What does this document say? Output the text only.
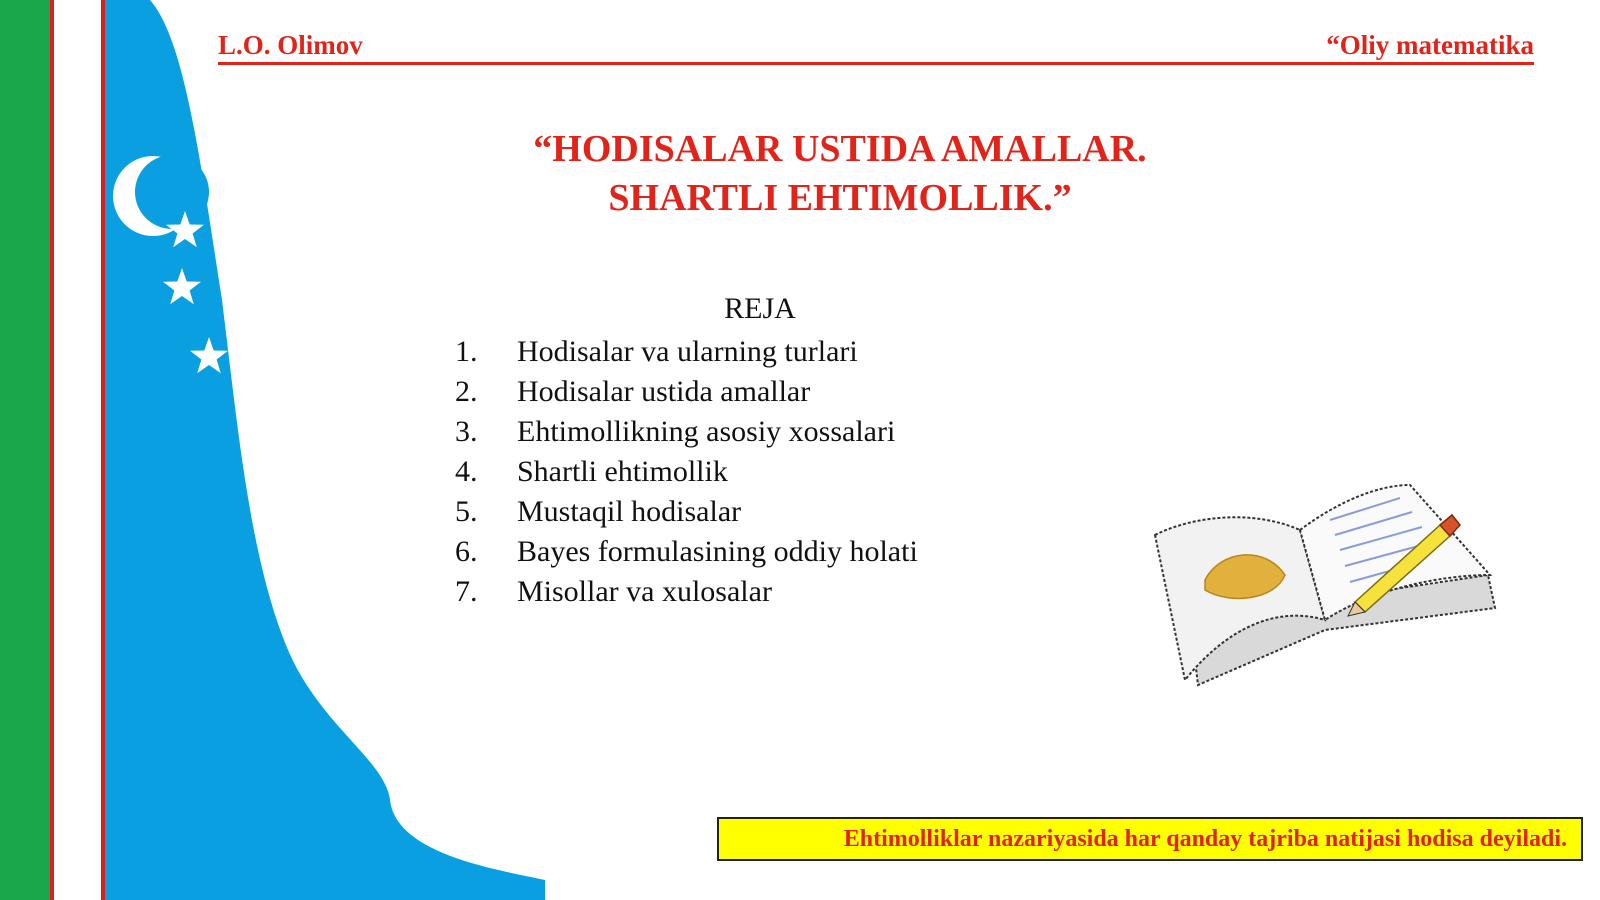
L.O. Olimov	“Oliy matematika
“HODISALAR USTIDA AMALLAR.
SHARTLI EHTIMOLLIK.”
REJA
1. Hodisalar va ularning turlari
2. Hodisalar ustida amallar
3. Ehtimollikning asosiy xossalari
4. Shartli ehtimollik
5. Mustaqil hodisalar
6. Bayes formulasining oddiy holati
7. Misollar va xulosalar
Ehtimolliklar nazariyasida har qanday tajriba natijasi hodisa deyiladi.
